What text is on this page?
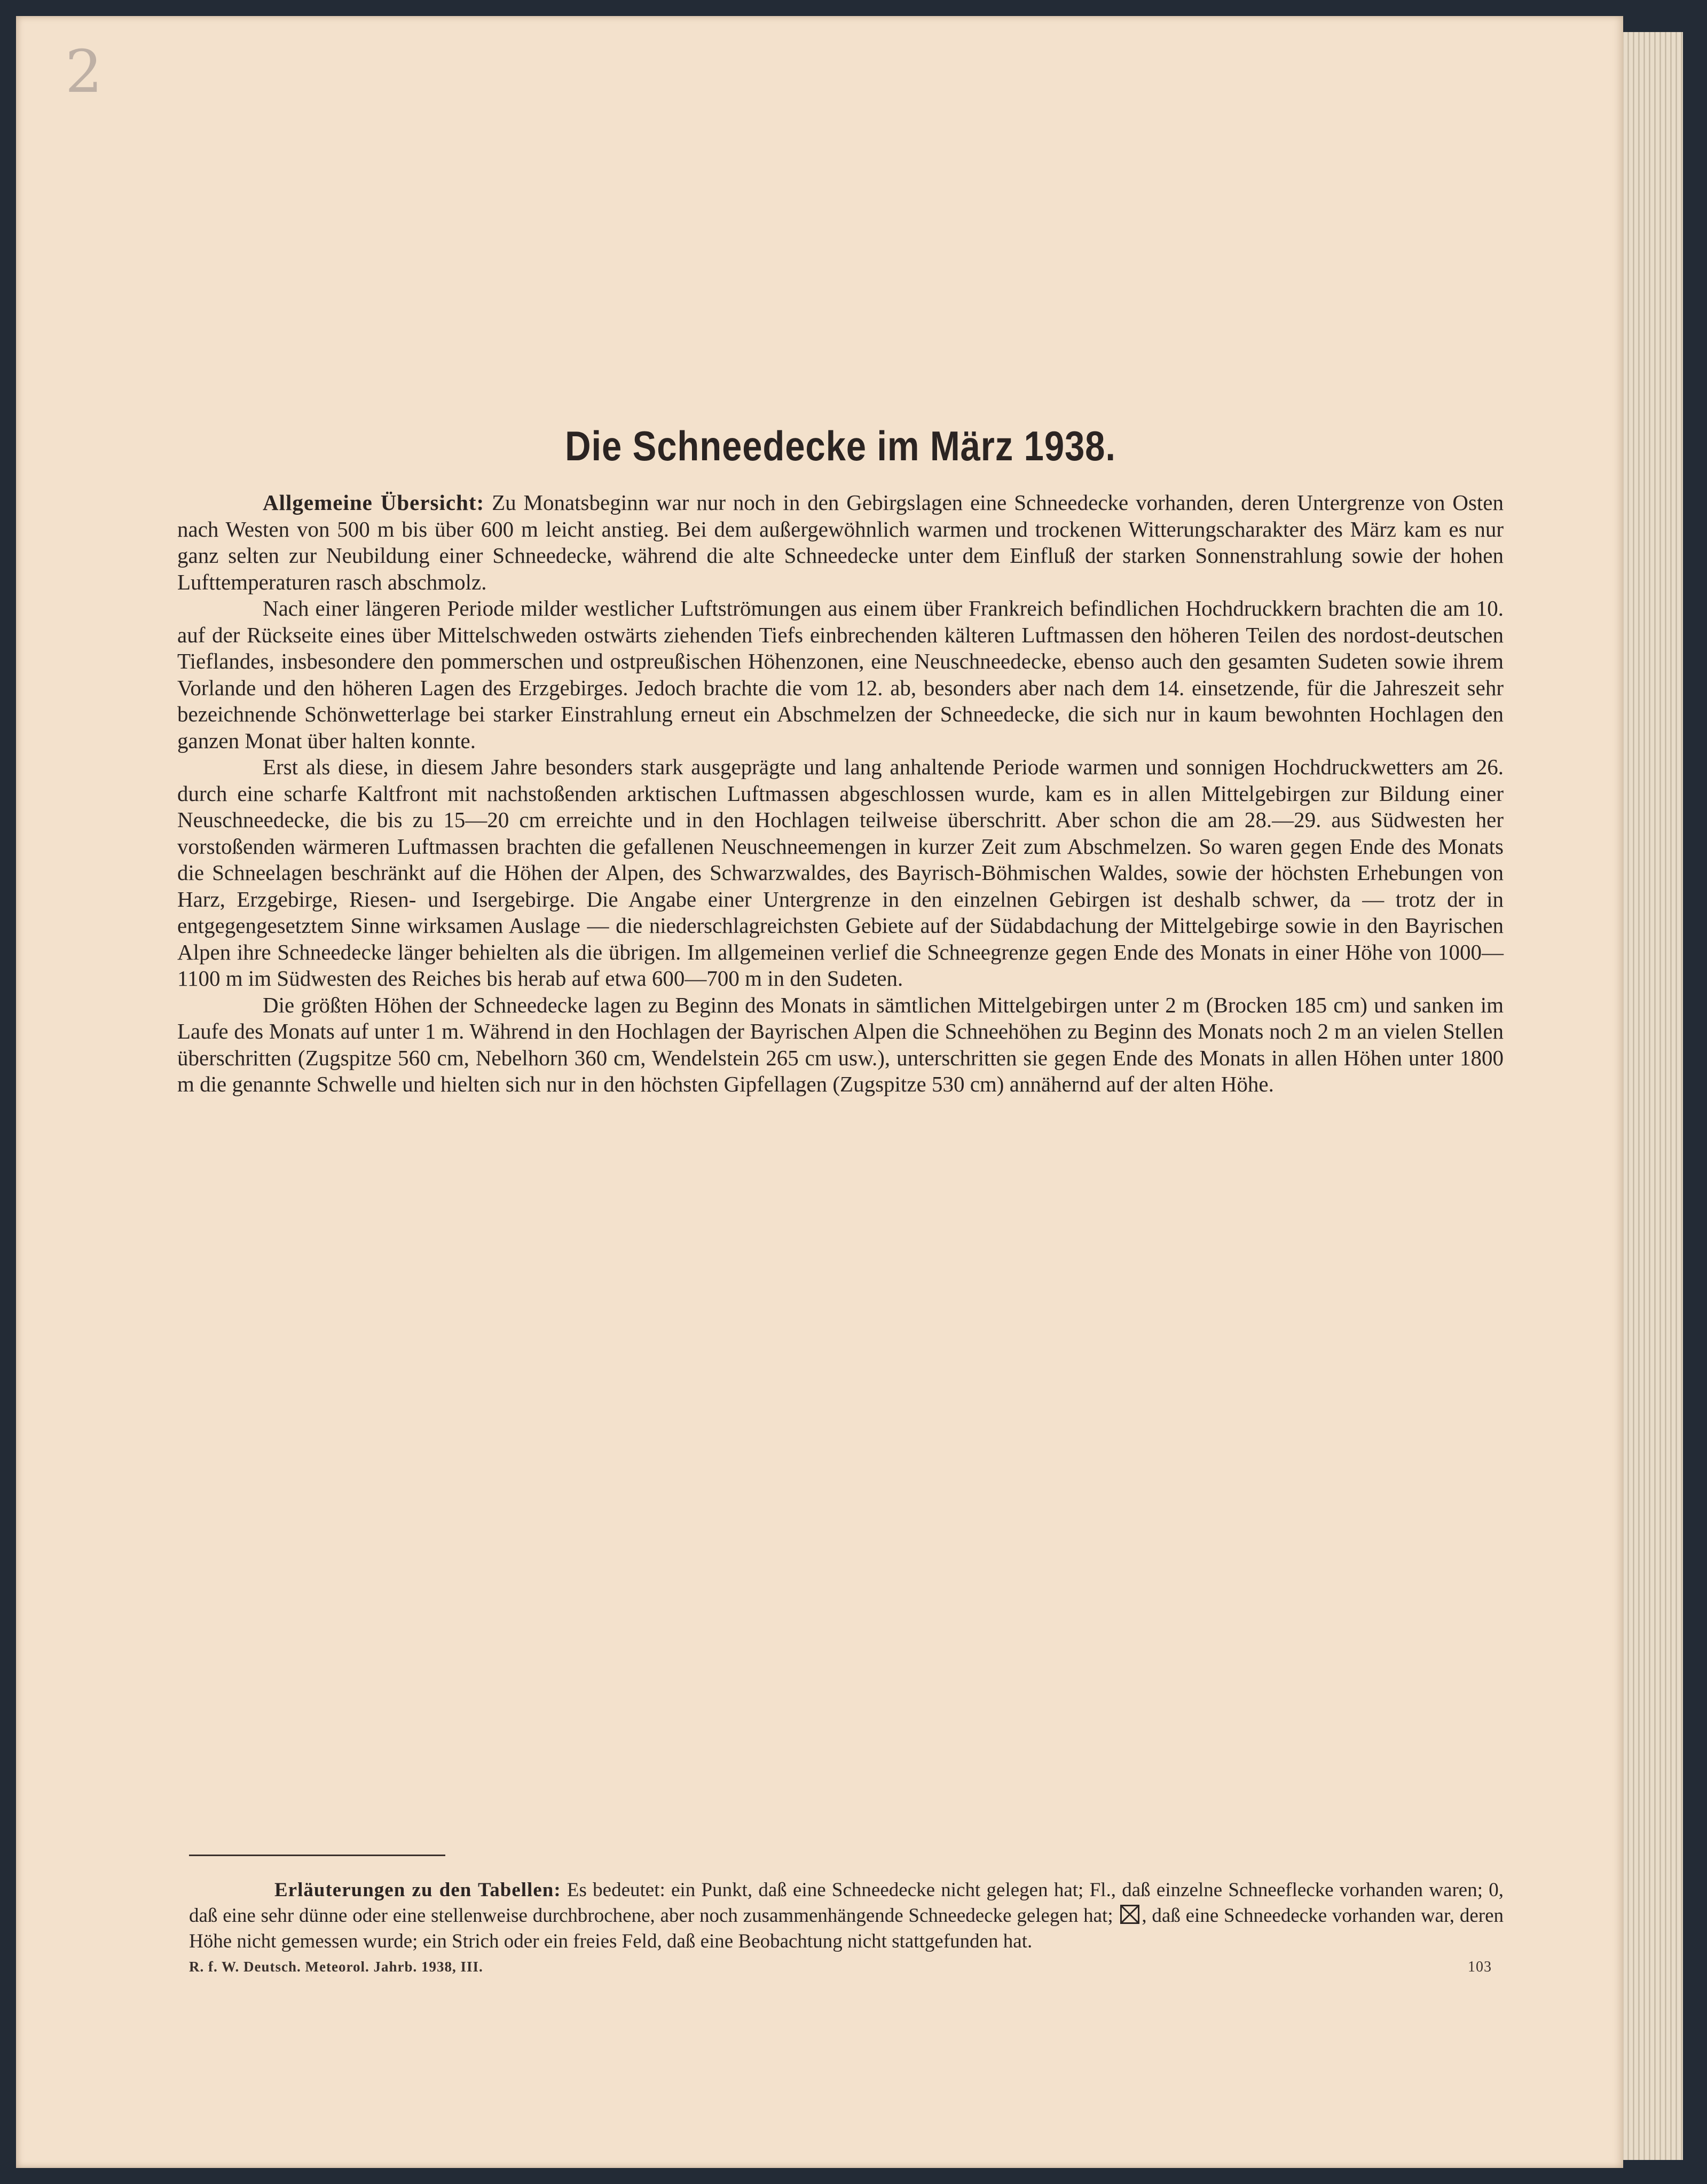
2
Die Schneedecke im März 1938.

Allgemeine Übersicht: Zu Monatsbeginn war nur noch in den Gebirgslagen eine Schneedecke vorhanden, deren Untergrenze von Osten nach Westen von 500 m bis über 600 m leicht anstieg. Bei dem außergewöhnlich warmen und trockenen Witterungscharakter des März kam es nur ganz selten zur Neubildung einer Schneedecke, während die alte Schneedecke unter dem Einfluß der starken Sonnenstrahlung sowie der hohen Lufttemperaturen rasch abschmolz.

Nach einer längeren Periode milder westlicher Luftströmungen aus einem über Frankreich befindlichen Hochdruckkern brachten die am 10. auf der Rückseite eines über Mittelschweden ostwärts ziehenden Tiefs einbrechenden kälteren Luftmassen den höheren Teilen des nordost-deutschen Tieflandes, insbesondere den pommerschen und ostpreußischen Höhenzonen, eine Neuschneedecke, ebenso auch den gesamten Sudeten sowie ihrem Vorlande und den höheren Lagen des Erzgebirges. Jedoch brachte die vom 12. ab, besonders aber nach dem 14. einsetzende, für die Jahreszeit sehr bezeichnende Schönwetterlage bei starker Einstrahlung erneut ein Abschmelzen der Schneedecke, die sich nur in kaum bewohnten Hochlagen den ganzen Monat über halten konnte.

Erst als diese, in diesem Jahre besonders stark ausgeprägte und lang anhaltende Periode warmen und sonnigen Hochdruckwetters am 26. durch eine scharfe Kaltfront mit nachstoßenden arktischen Luftmassen abgeschlossen wurde, kam es in allen Mittelgebirgen zur Bildung einer Neuschneedecke, die bis zu 15—20 cm erreichte und in den Hochlagen teilweise überschritt. Aber schon die am 28.—29. aus Südwesten her vorstoßenden wärmeren Luftmassen brachten die gefallenen Neuschneemengen in kurzer Zeit zum Abschmelzen. So waren gegen Ende des Monats die Schneelagen beschränkt auf die Höhen der Alpen, des Schwarzwaldes, des Bayrisch-Böhmischen Waldes, sowie der höchsten Erhebungen von Harz, Erzgebirge, Riesen- und Isergebirge. Die Angabe einer Untergrenze in den einzelnen Gebirgen ist deshalb schwer, da — trotz der in entgegengesetztem Sinne wirksamen Auslage — die niederschlagreichsten Gebiete auf der Südabdachung der Mittelgebirge sowie in den Bayrischen Alpen ihre Schneedecke länger behielten als die übrigen. Im allgemeinen verlief die Schneegrenze gegen Ende des Monats in einer Höhe von 1000—1100 m im Südwesten des Reiches bis herab auf etwa 600—700 m in den Sudeten.

Die größten Höhen der Schneedecke lagen zu Beginn des Monats in sämtlichen Mittelgebirgen unter 2 m (Brocken 185 cm) und sanken im Laufe des Monats auf unter 1 m. Während in den Hochlagen der Bayrischen Alpen die Schneehöhen zu Beginn des Monats noch 2 m an vielen Stellen überschritten (Zugspitze 560 cm, Nebelhorn 360 cm, Wendelstein 265 cm usw.), unterschritten sie gegen Ende des Monats in allen Höhen unter 1800 m die genannte Schwelle und hielten sich nur in den höchsten Gipfellagen (Zugspitze 530 cm) annähernd auf der alten Höhe.

Erläuterungen zu den Tabellen: Es bedeutet: ein Punkt, daß eine Schneedecke nicht gelegen hat; Fl., daß einzelne Schneeflecke vorhanden waren; 0, daß eine sehr dünne oder eine stellenweise durchbrochene, aber noch zusammenhängende Schneedecke gelegen hat; ☒ , daß eine Schneedecke vorhanden war, deren Höhe nicht gemessen wurde; ein Strich oder ein freies Feld, daß eine Beobachtung nicht stattgefunden hat.

R. f. W. Deutsch. Meteorol. Jahrb. 1938, III.	103
